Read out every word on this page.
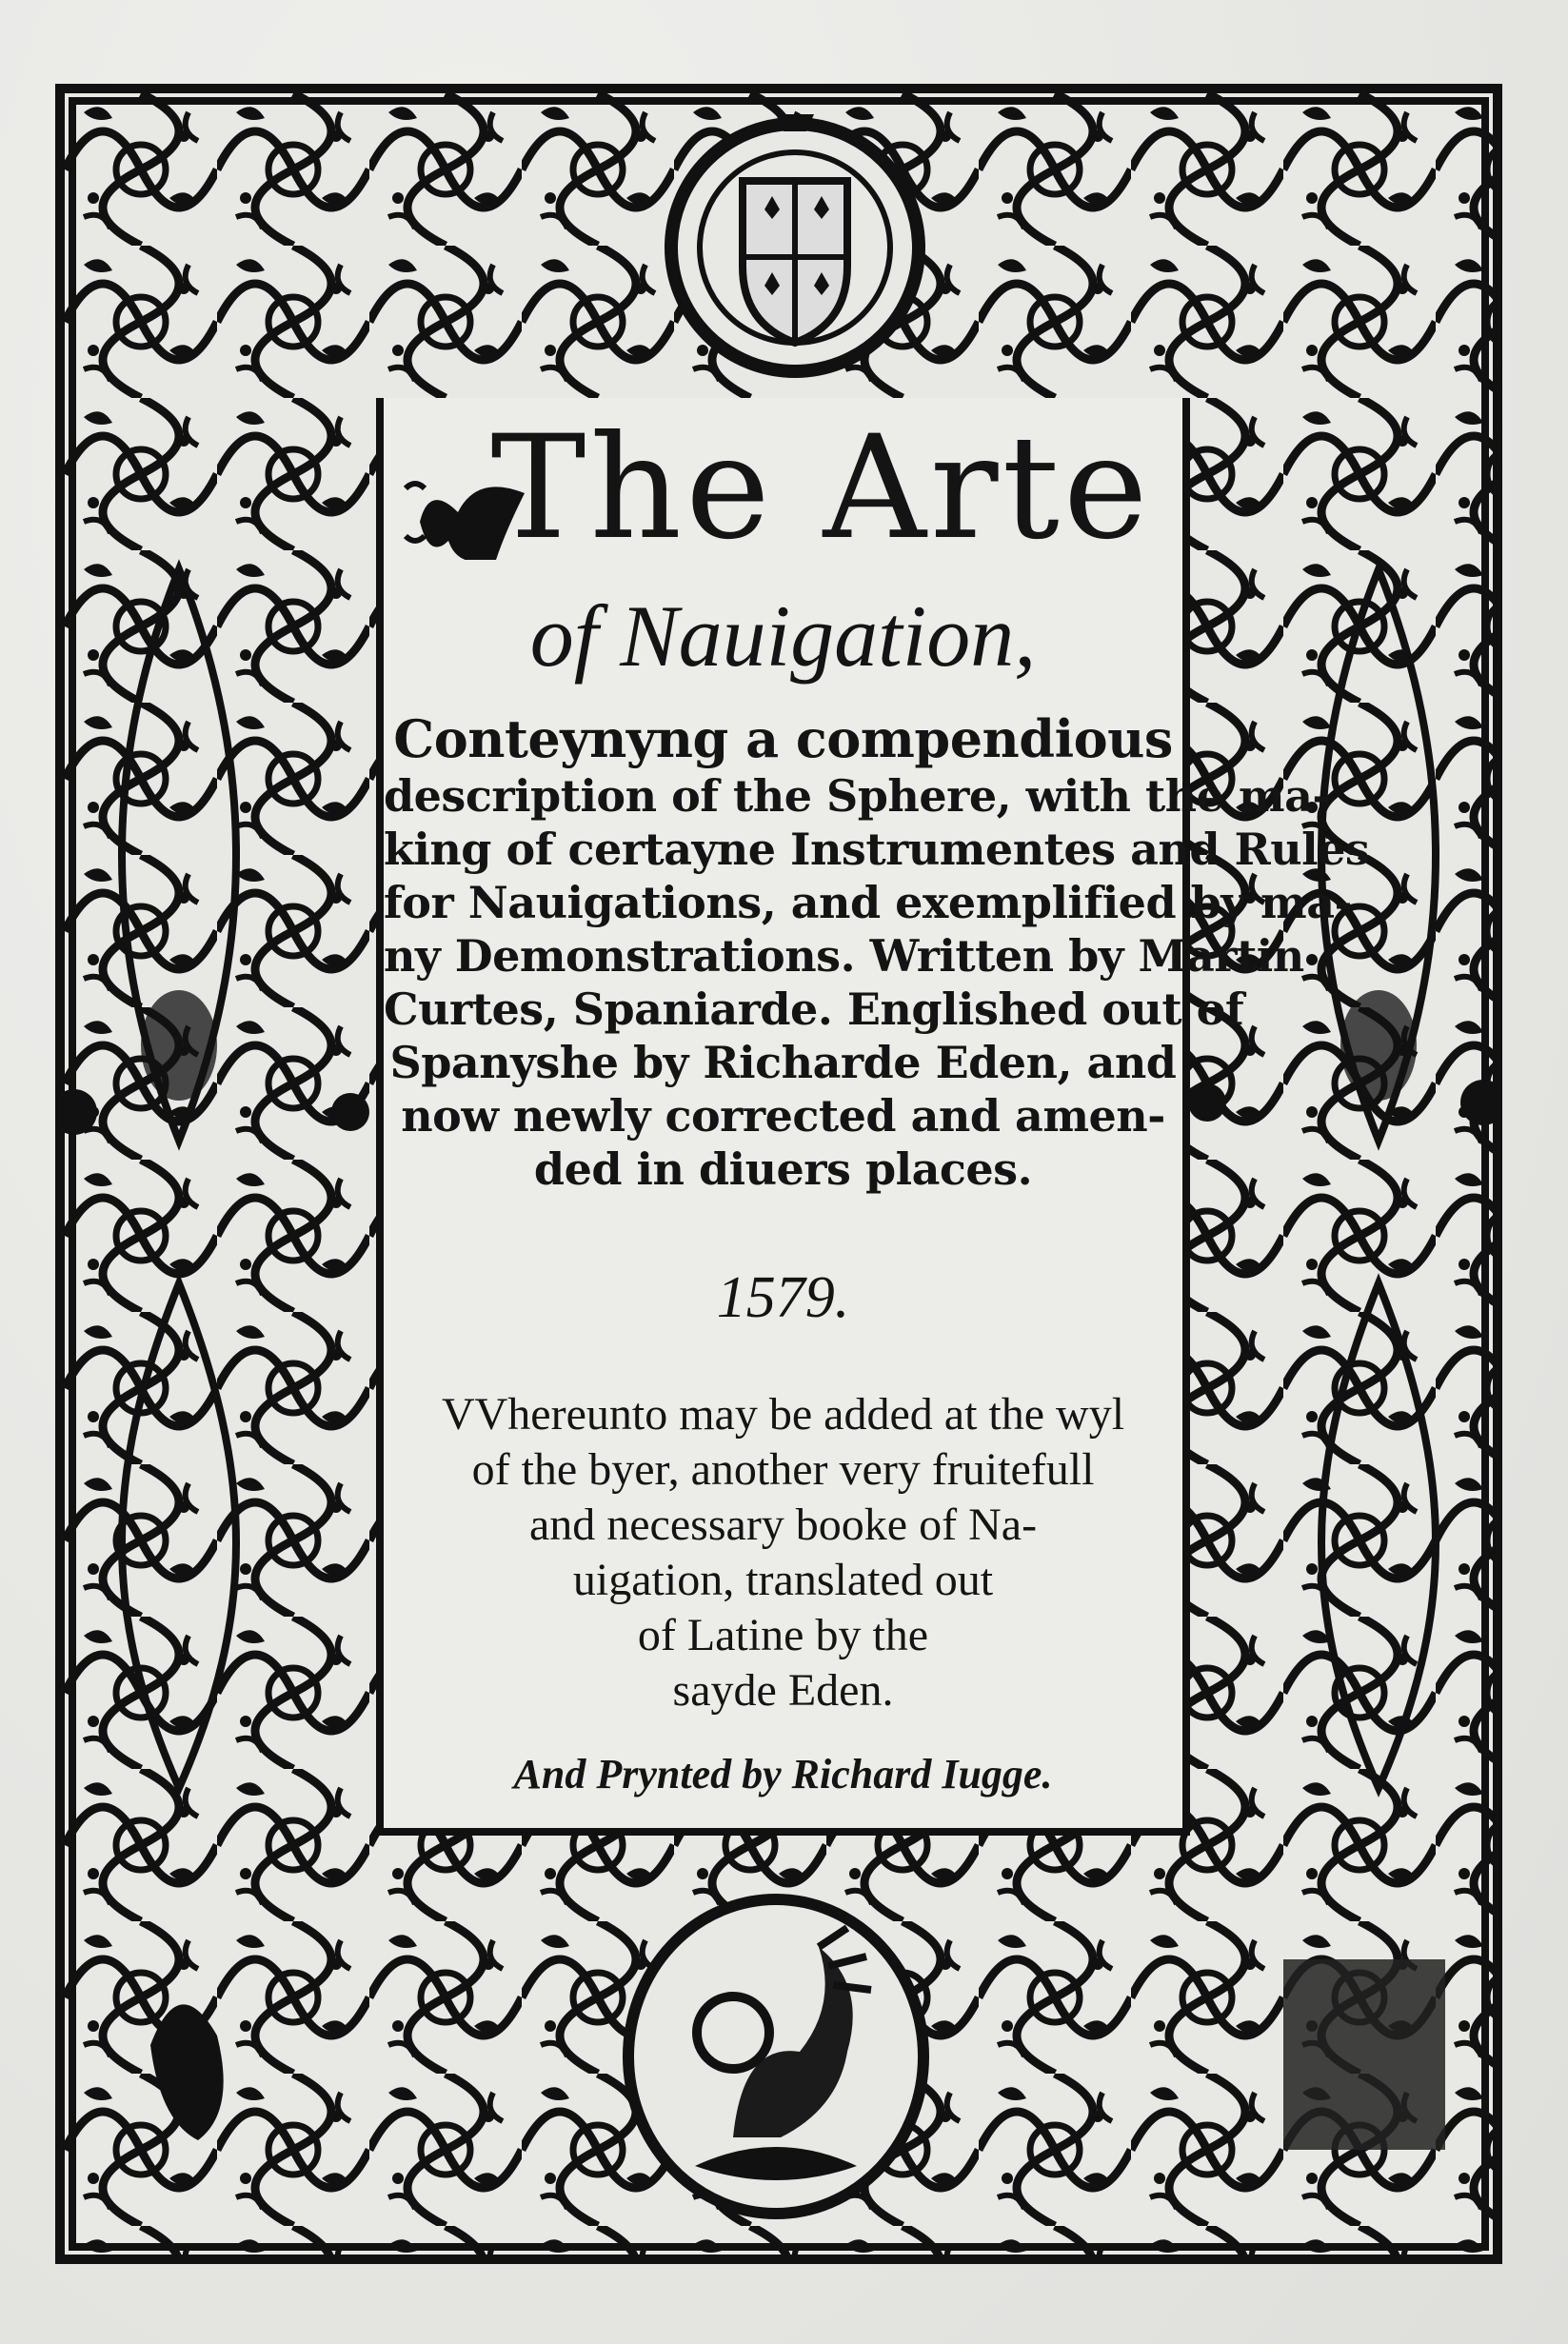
The Arte
of Nauigation,
Conteynyng a compendious
description of the Sphere, with the ma-
king of certayne Instrumentes and Rules
for Nauigations, and exemplified by ma-
ny Demonstrations. Written by Martin
Curtes, Spaniarde. Englished out of
Spanyshe by Richarde Eden, and
now newly corrected and amen-
ded in diuers places.
1579.
VVhereunto may be added at the wyl
of the byer, another very fruitefull
and necessary booke of Na-
uigation, translated out
of Latine by the
sayde Eden.
And Prynted by Richard Iugge.
